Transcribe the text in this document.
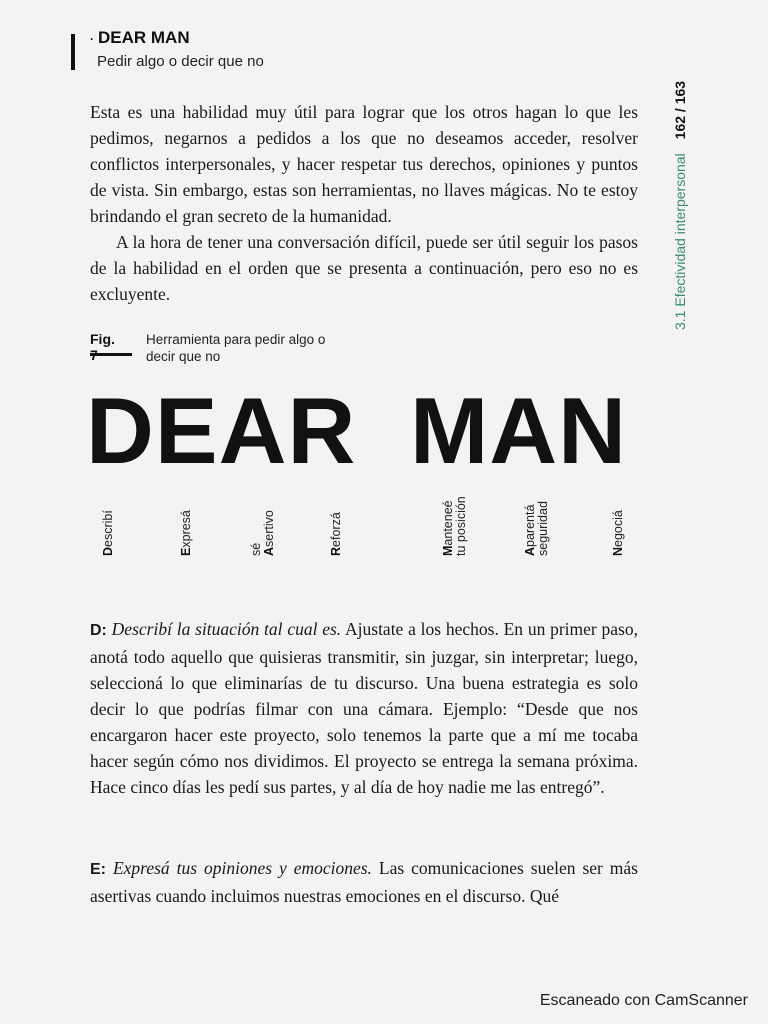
· DEAR MAN
Pedir algo o decir que no
3.1 Efectividad interpersonal162 / 163

Esta es una habilidad muy útil para lograr que los otros hagan lo que les pedimos, negarnos a pedidos a los que no deseamos acceder, resolver conflictos interpersonales, y hacer respetar tus derechos, opiniones y puntos de vista. Sin embargo, estas son herramientas, no llaves mágicas. No te estoy brindando el gran secreto de la humanidad.

A la hora de tener una conversación difícil, puede ser útil seguir los pasos de la habilidad en el orden que se presenta a continuación, pero eso no es excluyente.

Fig. Herramienta para pedir algo o decir que no
DEAR MAN
Describí
Expresá
sé Asertivo
Reforzá
Manteneé tu posición	Aparentá seguridad	Negociá

D: Describí la situación tal cual es. Ajustate a los hechos. En un primer paso, anotá todo aquello que quisieras transmitir, sin juzgar, sin interpretar; luego, seleccioná lo que eliminarías de tu discurso. Una buena estrategia es solo decir lo que podrías filmar con una cámara. Ejemplo: “Desde que nos encargaron hacer este proyecto, solo tenemos la parte que a mí me tocaba hacer según cómo nos dividimos. El proyecto se entrega la semana próxima. Hace cinco días les pedí sus partes, y al día de hoy nadie me las entregó”.

E: Expresá tus opiniones y emociones. Las comunicaciones suelen ser más asertivas cuando incluimos nuestras emociones en el discurso. Qué

Escaneado con CamScanner
